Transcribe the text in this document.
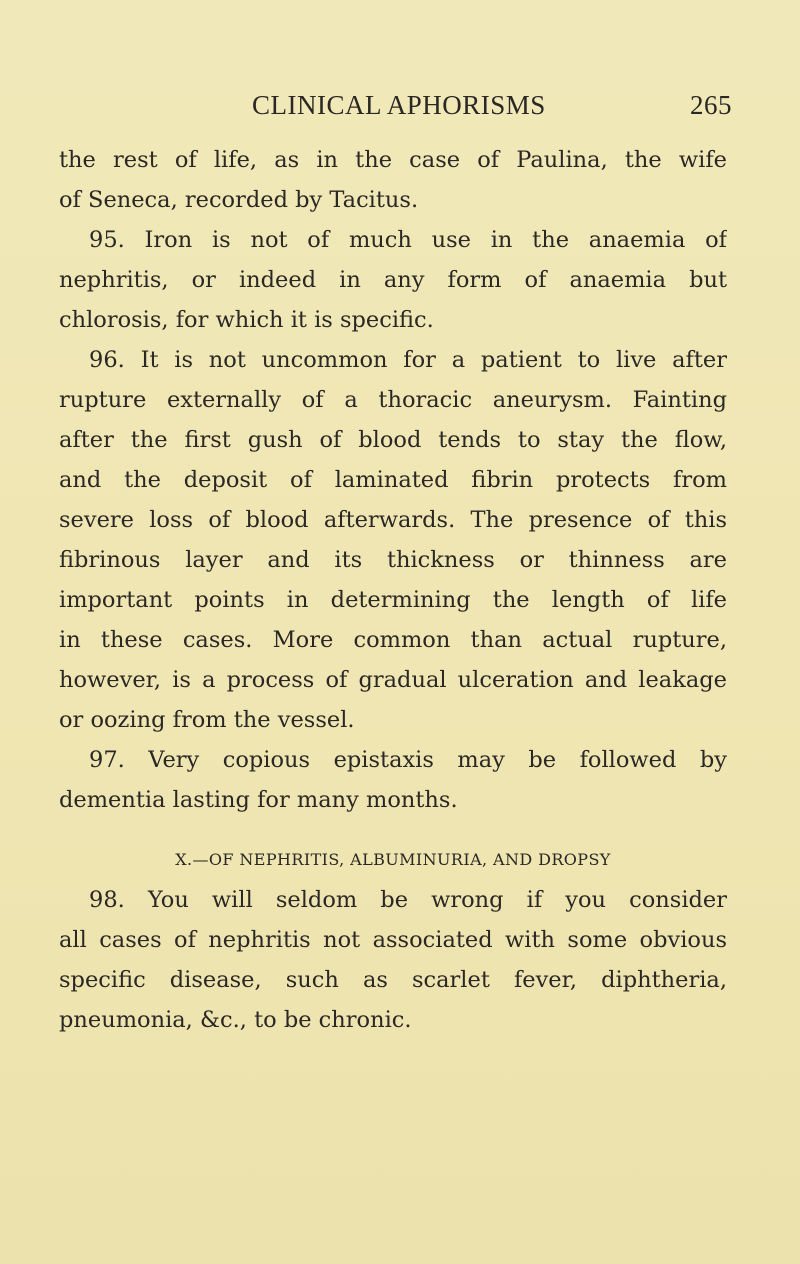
CLINICAL APHORISMS	265
the rest of life, as in the case of Paulina, the wife
of Seneca, recorded by Tacitus.
95. Iron is not of much use in the anaemia of
nephritis, or indeed in any form of anaemia but
chlorosis, for which it is specific.
96. It is not uncommon for a patient to live after
rupture externally of a thoracic aneurysm. Fainting
after the first gush of blood tends to stay the flow,
and the deposit of laminated fibrin protects from
severe loss of blood afterwards. The presence of this
fibrinous layer and its thickness or thinness are
important points in determining the length of life
in these cases. More common than actual rupture,
however, is a process of gradual ulceration and leakage
or oozing from the vessel.
97. Very copious epistaxis may be followed by
dementia lasting for many months.
X.—OF NEPHRITIS, ALBUMINURIA, AND DROPSY
98. You will seldom be wrong if you consider
all cases of nephritis not associated with some obvious
specific disease, such as scarlet fever, diphtheria,
pneumonia, &c., to be chronic.
